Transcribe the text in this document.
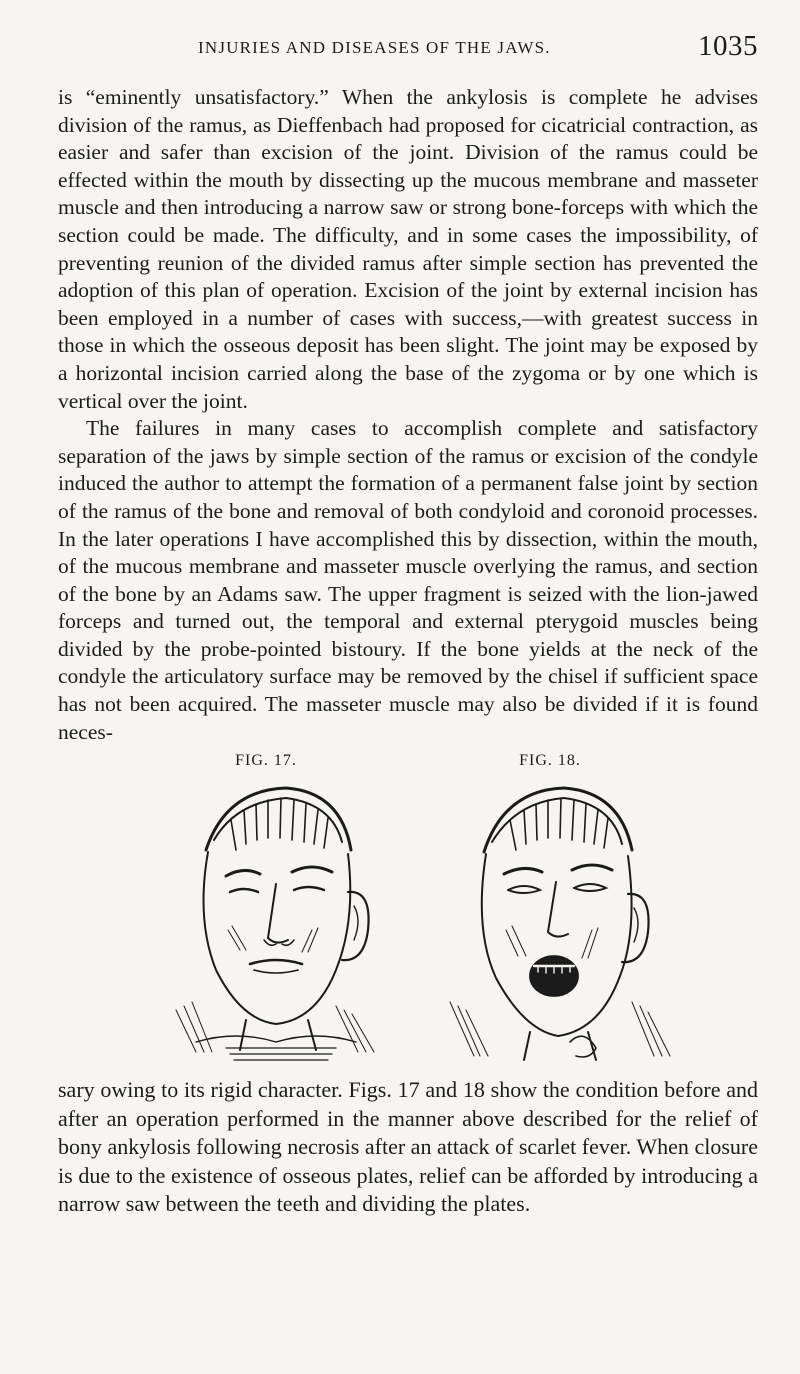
INJURIES AND DISEASES OF THE JAWS.	1035

is “eminently unsatisfactory.” When the ankylosis is complete he advises division of the ramus, as Dieffenbach had proposed for cicatricial contraction, as easier and safer than excision of the joint. Division of the ramus could be effected within the mouth by dissecting up the mucous membrane and masseter muscle and then introducing a narrow saw or strong bone-forceps with which the section could be made. The difficulty, and in some cases the impossibility, of preventing reunion of the divided ramus after simple section has prevented the adoption of this plan of operation. Excision of the joint by external incision has been employed in a number of cases with success,—with greatest success in those in which the osseous deposit has been slight. The joint may be exposed by a horizontal incision carried along the base of the zygoma or by one which is vertical over the joint.

The failures in many cases to accomplish complete and satisfactory separation of the jaws by simple section of the ramus or excision of the condyle induced the author to attempt the formation of a permanent false joint by section of the ramus of the bone and removal of both condyloid and coronoid processes. In the later operations I have accomplished this by dissection, within the mouth, of the mucous membrane and masseter muscle overlying the ramus, and section of the bone by an Adams saw. The upper fragment is seized with the lion-jawed forceps and turned out, the temporal and external pterygoid muscles being divided by the probe-pointed bistoury. If the bone yields at the neck of the condyle the articulatory surface may be removed by the chisel if sufficient space has not been acquired. The masseter muscle may also be divided if it is found neces-

FIG. 17.	FIG. 18.

sary owing to its rigid character. Figs. 17 and 18 show the condition before and after an operation performed in the manner above described for the relief of bony ankylosis following necrosis after an attack of scarlet fever. When closure is due to the existence of osseous plates, relief can be afforded by introducing a narrow saw between the teeth and dividing the plates.
